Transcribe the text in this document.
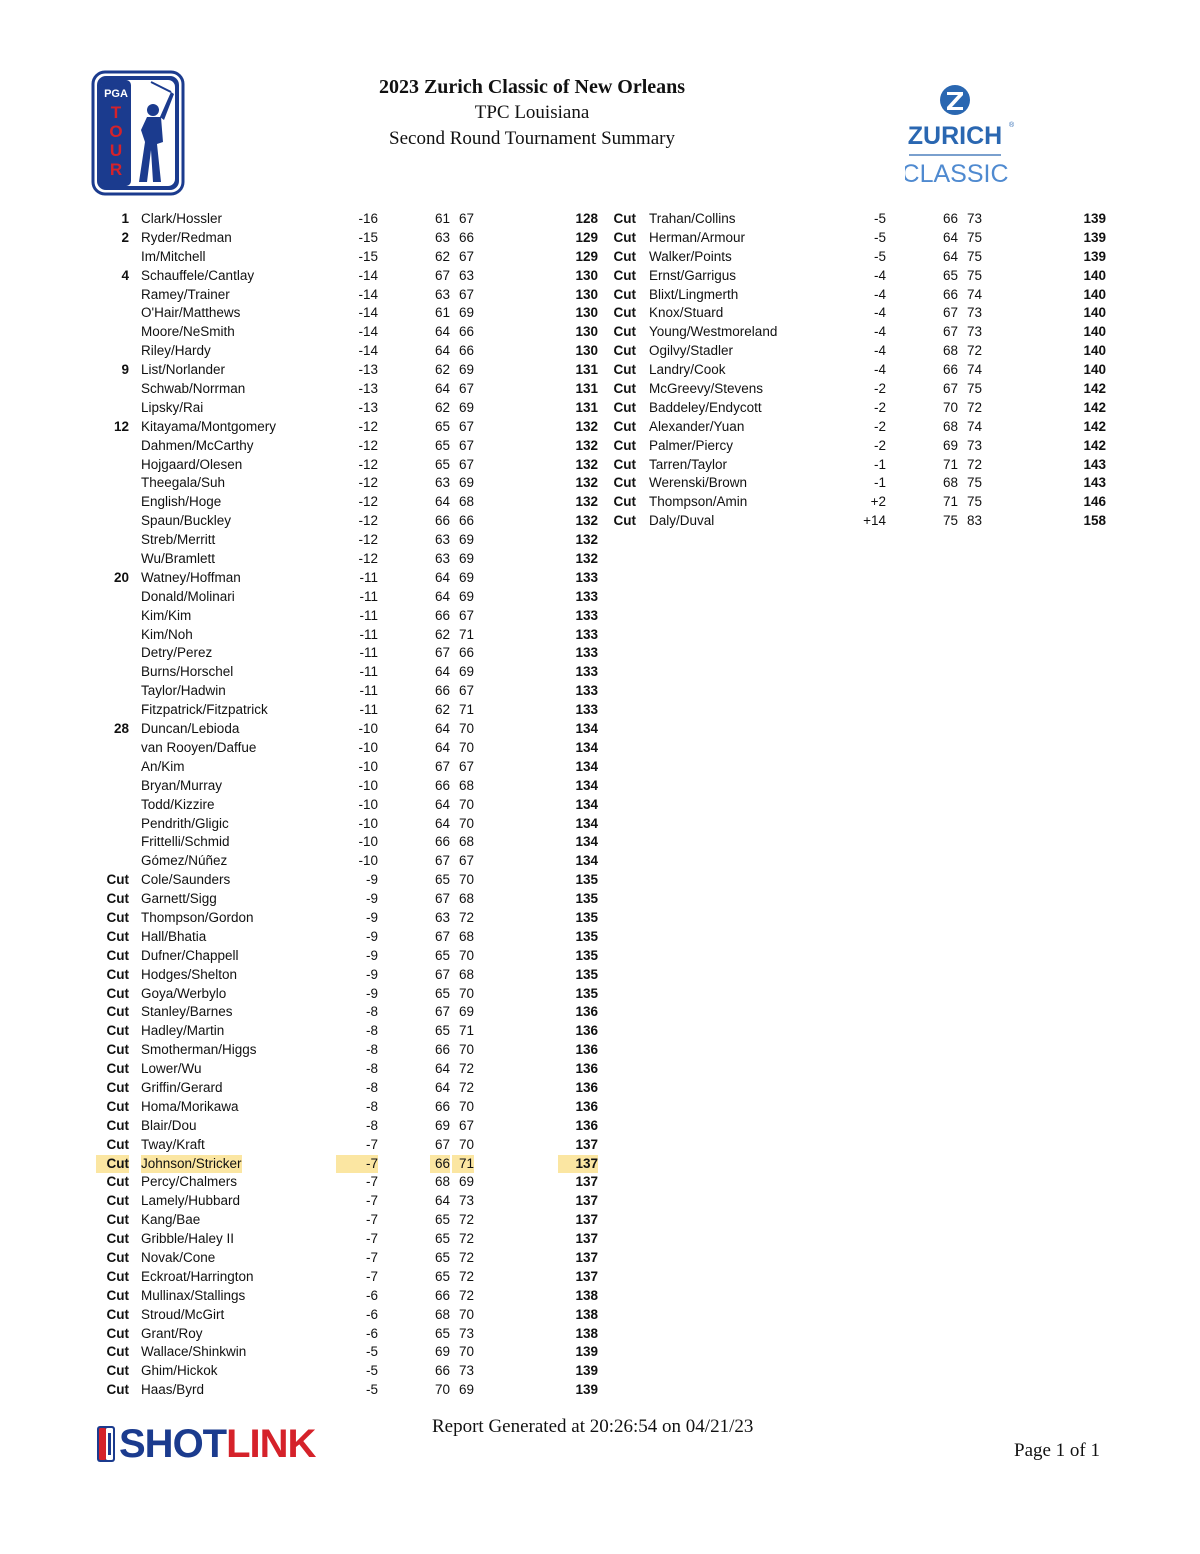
PGA
T
O
U
R
2023 Zurich Classic of New Orleans
TPC Louisiana
Second Round Tournament Summary	ZURICH ®
CLASSIC
1 Clark/Hossler	-16	61 67	128
2 Ryder/Redman	-15	63 66	129
Im/Mitchell	-15	62 67	129
4 Schauffele/Cantlay	-14	67 63	130
Ramey/Trainer	-14	63 67	130
O'Hair/Matthews	-14	61 69	130
Moore/NeSmith	-14	64 66	130
Riley/Hardy	-14	64 66	130
9 List/Norlander	-13	62 69	131
Schwab/Norrman	-13	64 67	131
Lipsky/Rai	-13	62 69	131
12 Kitayama/Montgomery	-12	65 67	132
Dahmen/McCarthy	-12	65 67	132
Hojgaard/Olesen	-12	65 67	132
Theegala/Suh	-12	63 69	132
English/Hoge	-12	64 68	132
Spaun/Buckley	-12	66 66	132
Streb/Merritt	-12	63 69	132
Wu/Bramlett	-12	63 69	132
20 Watney/Hoffman	-11	64 69	133
Donald/Molinari	-11	64 69	133
Kim/Kim	-11	66 67	133
Kim/Noh	-11	62 71	133
Detry/Perez	-11	67 66	133
Burns/Horschel	-11	64 69	133
Taylor/Hadwin	-11	66 67	133
Fitzpatrick/Fitzpatrick	-11	62 71	133
28 Duncan/Lebioda	-10	64 70	134
van Rooyen/Daffue	-10	64 70	134
An/Kim	-10	67 67	134
Bryan/Murray	-10	66 68	134
Todd/Kizzire	-10	64 70	134
Pendrith/Gligic	-10	64 70	134
Frittelli/Schmid	-10	66 68	134
Gómez/Núñez	-10	67 67	134
Cut Cole/Saunders	-9	65 70	135
Cut Garnett/Sigg	-9	67 68	135
Cut Thompson/Gordon	-9	63 72	135
Cut Hall/Bhatia	-9	67 68	135
Cut Dufner/Chappell	-9	65 70	135
Cut Hodges/Shelton	-9	67 68	135
Cut Goya/Werbylo	-9	65 70	135
Cut Stanley/Barnes	-8	67 69	136
Cut Hadley/Martin	-8	65 71	136
Cut Smotherman/Higgs	-8	66 70	136
Cut Lower/Wu	-8	64 72	136
Cut Griffin/Gerard	-8	64 72	136
Cut Homa/Morikawa	-8	66 70	136
Cut Blair/Dou	-8	69 67	136
Cut Tway/Kraft	-7	67 70	137
Cut Johnson/Stricker	-7	66 71	137
Cut Percy/Chalmers	-7	68 69	137
Cut Lamely/Hubbard	-7	64 73	137
Cut Kang/Bae	-7	65 72	137
Cut Gribble/Haley II	-7	65 72	137
Cut Novak/Cone	-7	65 72	137
Cut Eckroat/Harrington	-7	65 72	137
Cut Mullinax/Stallings	-6	66 72	138
Cut Stroud/McGirt	-6	68 70	138
Cut Grant/Roy	-6	65 73	138
Cut Wallace/Shinkwin	-5	69 70	139
Cut Ghim/Hickok	-5	66 73	139
Cut Haas/Byrd	-5	70 69	139
Cut Trahan/Collins	-5	66 73	139
Cut Herman/Armour	-5	64 75	139
Cut Walker/Points	-5	64 75	139
Cut Ernst/Garrigus	-4	65 75	140
Cut Blixt/Lingmerth	-4	66 74	140
Cut Knox/Stuard	-4	67 73	140
Cut Young/Westmoreland	-4	67 73	140
Cut Ogilvy/Stadler	-4	68 72	140
Cut Landry/Cook	-4	66 74	140
Cut McGreevy/Stevens	-2	67 75	142
Cut Baddeley/Endycott	-2	70 72	142
Cut Alexander/Yuan	-2	68 74	142
Cut Palmer/Piercy	-2	69 73	142
Cut Tarren/Taylor	-1	71 72	143
Cut Werenski/Brown	-1	68 75	143
Cut Thompson/Amin	+2	71 75	146
Cut Daly/Duval	+14	75 83	158
SHOT LINK	Report Generated at 20:26:54 on 04/21/23
Page 1 of 1
